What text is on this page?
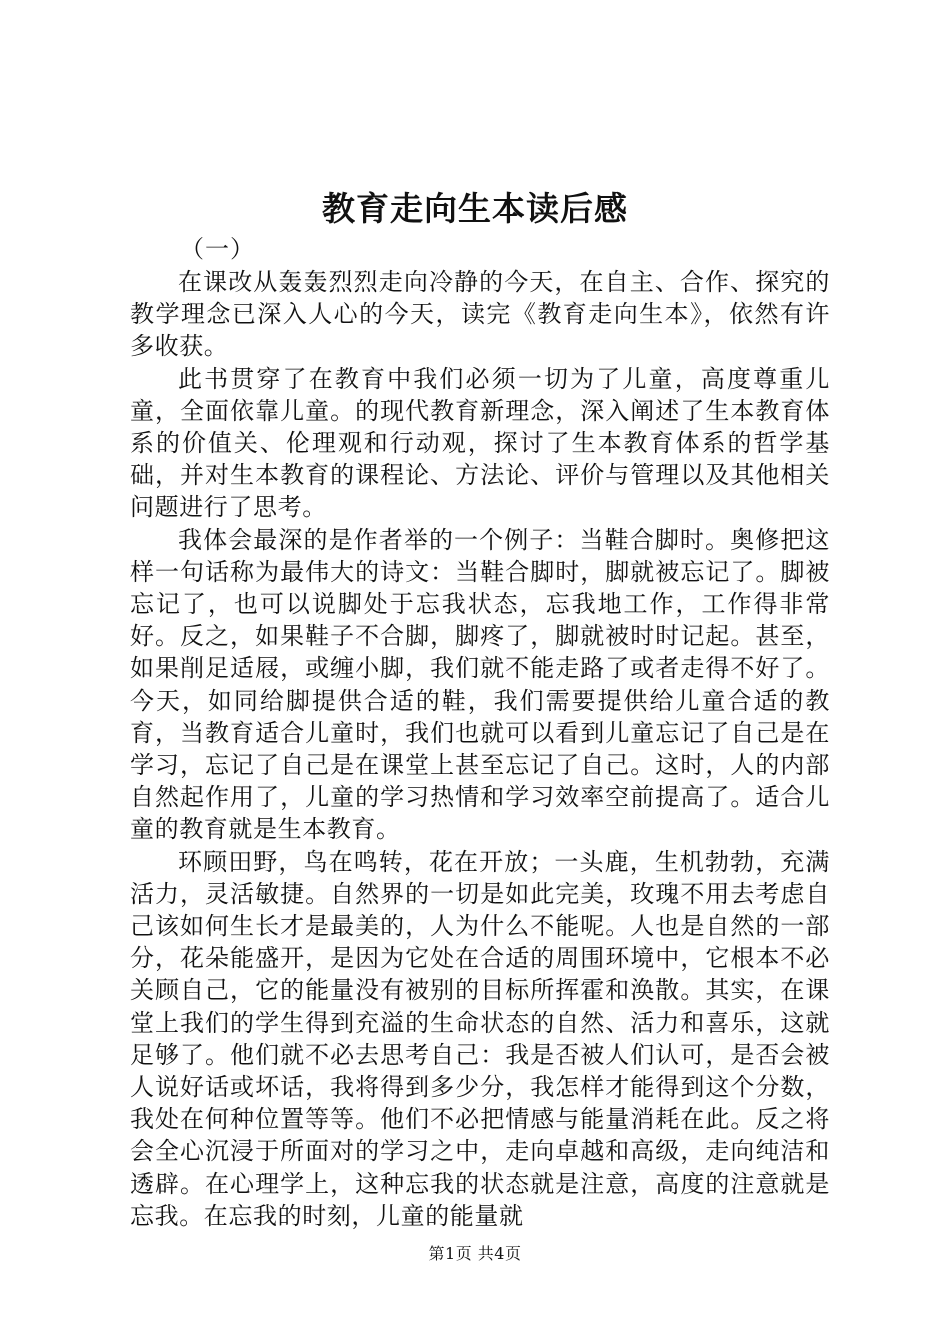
教育走向生本读后感

（一）

在课改从轰轰烈烈走向冷静的今天，在自主、合作、探究的教学理念已深入人心的今天，读完《教育走向生本》，依然有许多收获。

此书贯穿了在教育中我们必须一切为了儿童，高度尊重儿童，全面依靠儿童。的现代教育新理念，深入阐述了生本教育体系的价值关、伦理观和行动观，探讨了生本教育体系的哲学基础，并对生本教育的课程论、方法论、评价与管理以及其他相关问题进行了思考。

我体会最深的是作者举的一个例子：当鞋合脚时。奥修把这样一句话称为最伟大的诗文：当鞋合脚时，脚就被忘记了。脚被忘记了，也可以说脚处于忘我状态，忘我地工作，工作得非常好。反之，如果鞋子不合脚，脚疼了，脚就被时时记起。甚至，如果削足适屐，或缠小脚，我们就不能走路了或者走得不好了。今天，如同给脚提供合适的鞋，我们需要提供给儿童合适的教育，当教育适合儿童时，我们也就可以看到儿童忘记了自己是在学习，忘记了自己是在课堂上甚至忘记了自己。这时，人的内部自然起作用了，儿童的学习热情和学习效率空前提高了。适合儿童的教育就是生本教育。

环顾田野，鸟在鸣转，花在开放；一头鹿，生机勃勃，充满活力，灵活敏捷。自然界的一切是如此完美，玫瑰不用去考虑自己该如何生长才是最美的，人为什么不能呢。人也是自然的一部分，花朵能盛开，是因为它处在合适的周围环境中，它根本不必关顾自己，它的能量没有被别的目标所挥霍和涣散。其实，在课堂上我们的学生得到充溢的生命状态的自然、活力和喜乐，这就足够了。他们就不必去思考自己：我是否被人们认可，是否会被人说好话或坏话，我将得到多少分，我怎样才能得到这个分数，我处在何种位置等等。他们不必把情感与能量消耗在此。反之将会全心沉浸于所面对的学习之中，走向卓越和高级，走向纯洁和透辟。在心理学上，这种忘我的状态就是注意，高度的注意就是忘我。在忘我的时刻，儿童的能量就

第1页 共4页
